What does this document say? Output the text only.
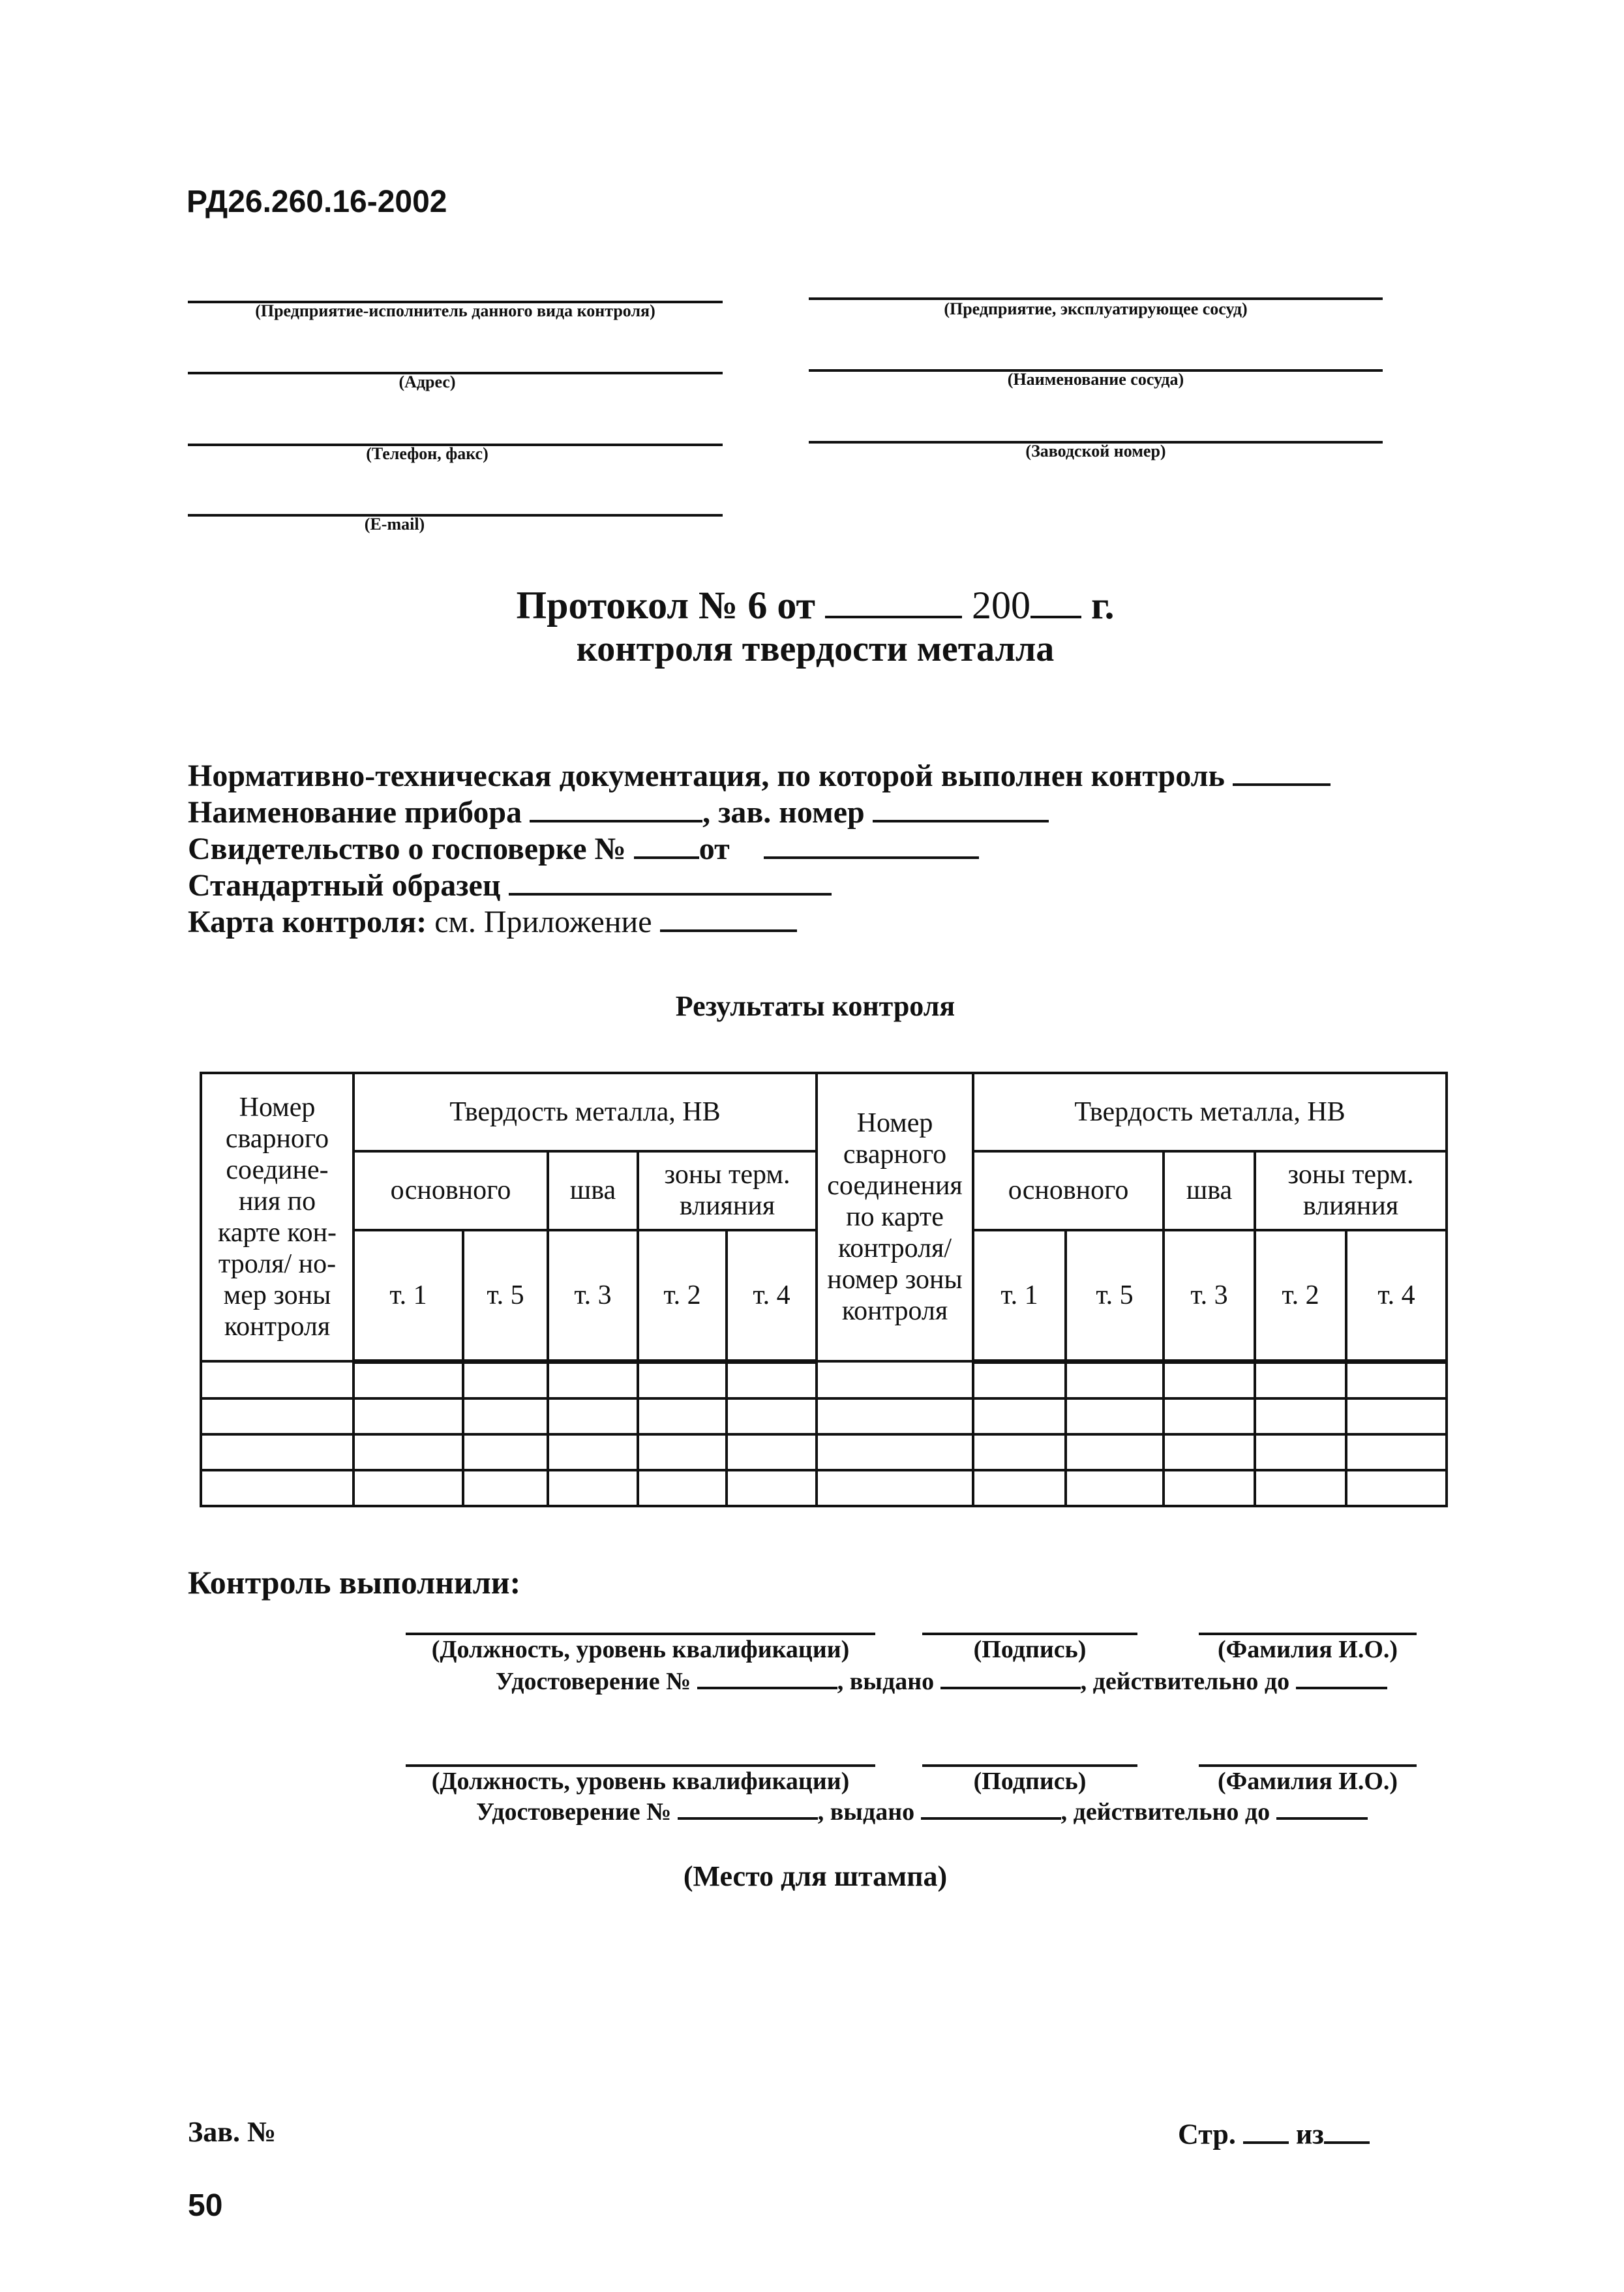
РД26.260.16-2002
(Предприятие-исполнитель данного вида контроля)
(Адрес)
(Телефон, факс)
(E-mail)
(Предприятие, эксплуатирующее сосуд)
(Наименование сосуда)
(Заводской номер)
Протокол № 6 от	200 г.
контроля твердости металла
Нормативно-техническая документация, по которой выполнен контроль
Наименование прибора	, зав. номер
Свидетельство о госповерке № от
Стандартный образец
Карта контроля: см. Приложение
Результаты контроля
Номер сварного соедине-ния по карте кон-троля/ но-мер зоны контроля	Твердость металла, НВ					Номер сварного соединения по карте контроля/ номер зоны контроля	Твердость металла, НВ				
	основного		шва	зоны терм. влияния			основного		шва	зоны терм. влияния	
	т. 1	т. 5	т. 3	т. 2	т. 4		т. 1	т. 5	т. 3	т. 2	т. 4

Контроль выполнили:
(Должность, уровень квалификации)	(Подпись)	(Фамилия И.О.)
Удостоверение №	, выдано	, действительно до
(Должность, уровень квалификации)	(Подпись)	(Фамилия И.О.)
Удостоверение №	, выдано	, действительно до
(Место для штампа)
Зав. №	Стр. из
50
